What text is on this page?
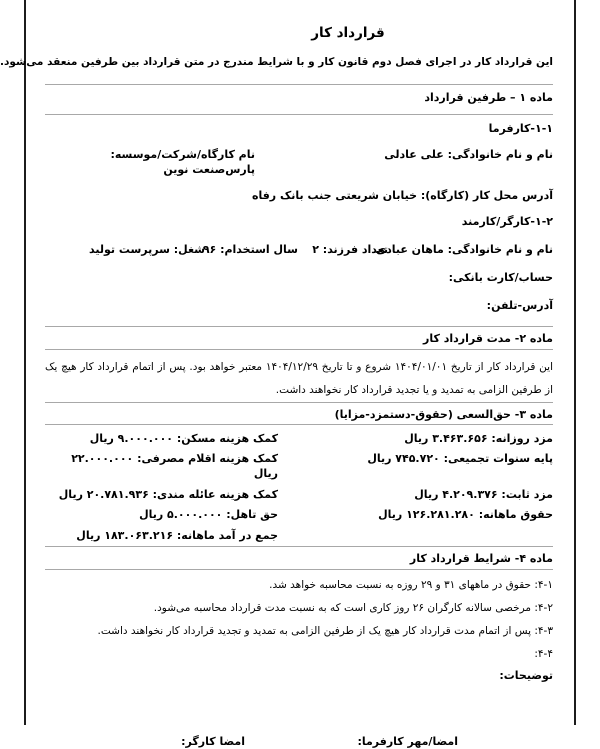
قرارداد کار
این قرارداد کار در اجرای فصل دوم قانون کار و با شرایط مندرج در متن قرارداد بین طرفین منعقد می‌شود.
ماده ۱ – طرفین قرارداد
۱-۱-کارفرما
نام و نام خانوادگی: علی عادلی
نام کارگاه/شرکت/موسسه: پارس‌صنعت نوین
آدرس محل کار (کارگاه): خیابان شریعتی جنب بانک رفاه
۱-۲-کارگر/کارمند
نام و نام خانوادگی: ماهان عبادی
تعداد فرزند: ۲
سال استخدام: ۹۶
شغل: سرپرست تولید
حساب/کارت بانکی:
آدرس-تلفن:
ماده ۲- مدت قرارداد کار
این قرارداد کار از تاریخ ۱۴۰۴/۰۱/۰۱ شروع و تا تاریخ ۱۴۰۴/۱۲/۲۹ معتبر خواهد بود. پس از اتمام قرارداد کار هیچ یک از طرفین الزامی به تمدید و یا تجدید قرارداد کار نخواهند داشت.
ماده ۳- حق‌السعی (حقوق-دستمزد-مزایا)
مزد روزانه: ۳.۴۶۳.۶۵۶ ریال
کمک هزینه مسکن: ۹.۰۰۰.۰۰۰ ریال
پایه سنوات تجمیعی: ۷۴۵.۷۲۰ ریال
کمک هزینه اقلام مصرفی: ۲۲.۰۰۰.۰۰۰ ریال
مزد ثابت: ۴.۲۰۹.۳۷۶ ریال
کمک هزینه عائله مندی: ۲۰.۷۸۱.۹۳۶ ریال
حقوق ماهانه: ۱۲۶.۲۸۱.۲۸۰ ریال
حق تاهل: ۵.۰۰۰.۰۰۰ ریال
جمع در آمد ماهانه: ۱۸۳.۰۶۳.۲۱۶ ریال
ماده ۴- شرایط قرارداد کار
۴-۱: حقوق در ماههای ۳۱ و ۲۹ روزه به نسبت محاسبه خواهد شد.
۴-۲: مرخصی سالانه کارگران ۲۶ روز کاری است که به نسبت مدت قرارداد محاسبه می‌شود.
۴-۳: پس از اتمام مدت قرارداد کار هیچ یک از طرفین الزامی به تمدید و تجدید قرارداد کار نخواهند داشت.
۴-۴:
توضیحات:
امضا/مهر کارفرما:
امضا کارگر:
